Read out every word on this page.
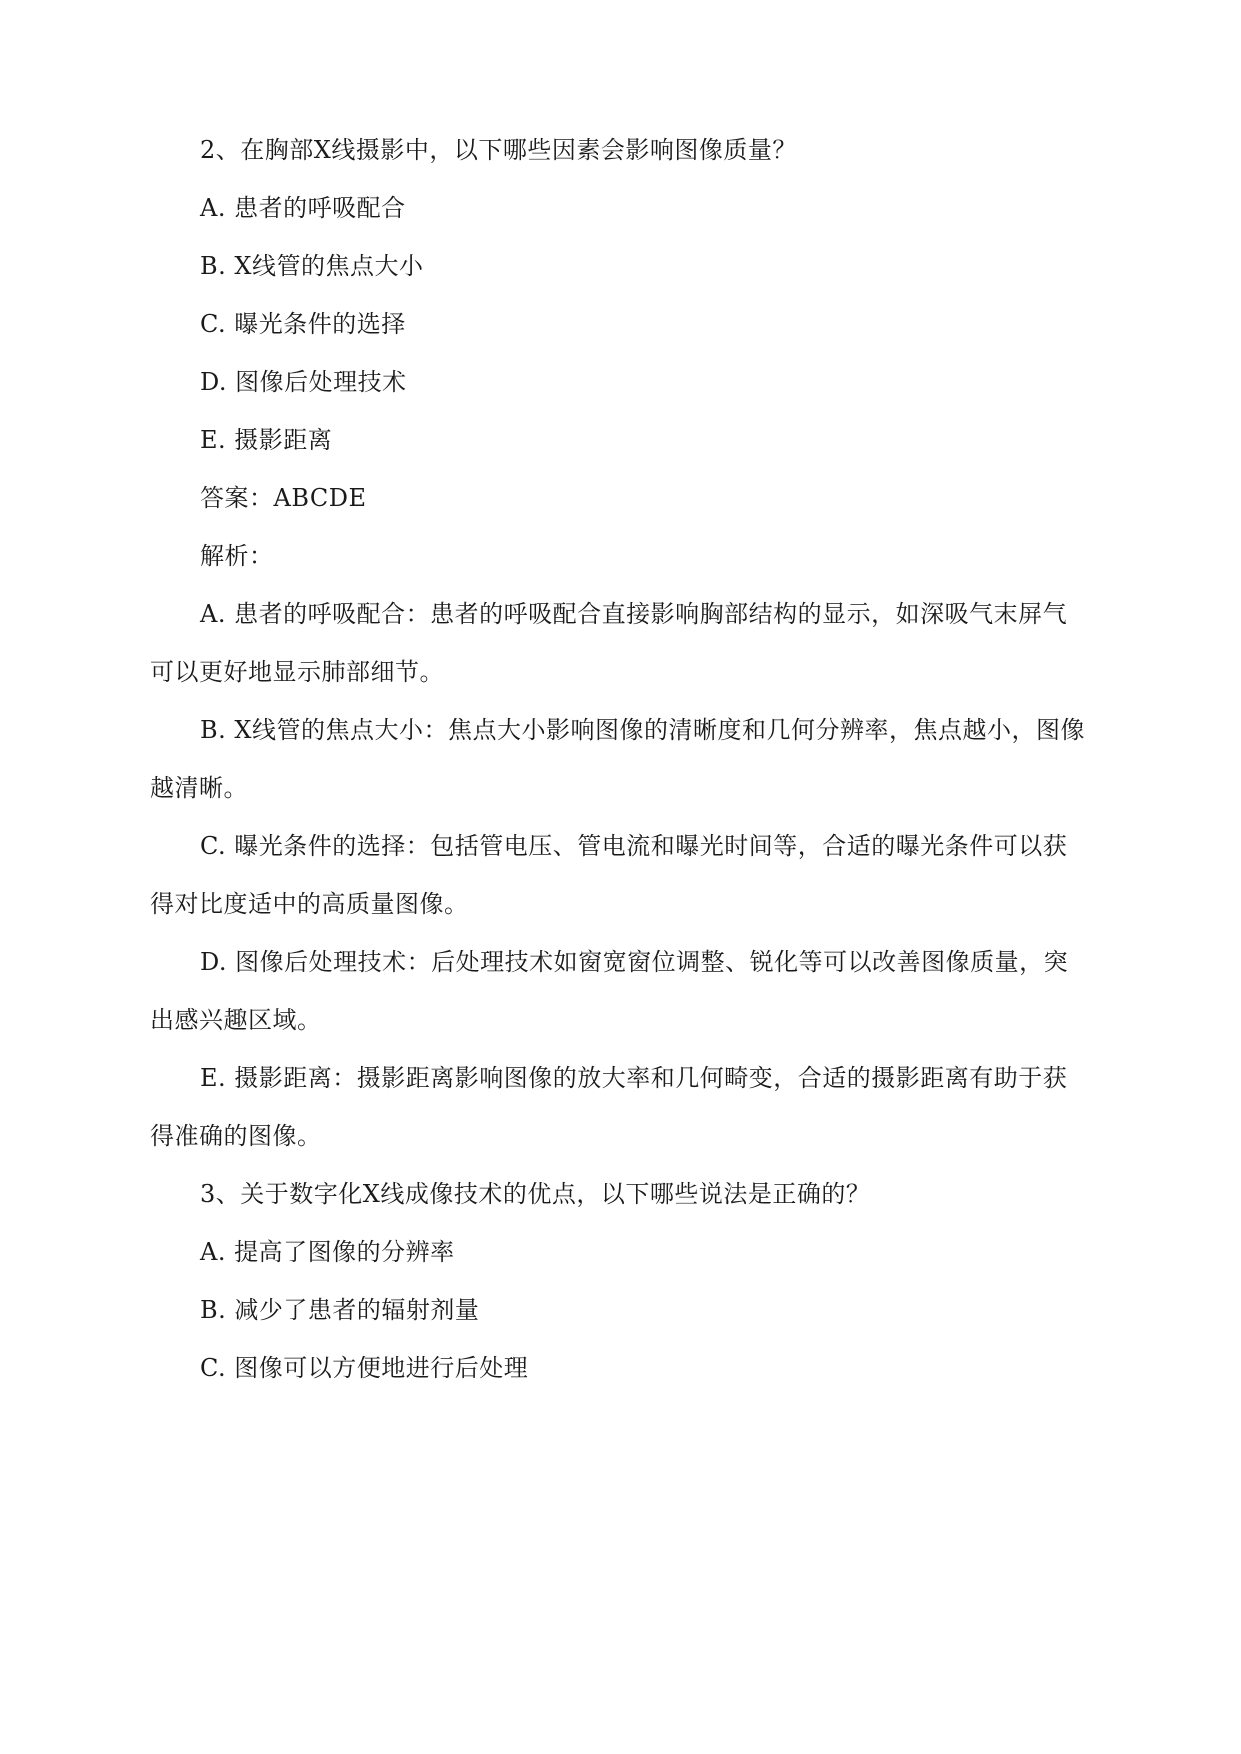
2、在胸部X线摄影中，以下哪些因素会影响图像质量？
A. 患者的呼吸配合
B. X线管的焦点大小
C. 曝光条件的选择
D. 图像后处理技术
E. 摄影距离
答案：ABCDE
解析：
A. 患者的呼吸配合：患者的呼吸配合直接影响胸部结构的显示，如深吸气末屏气
可以更好地显示肺部细节。
B. X线管的焦点大小：焦点大小影响图像的清晰度和几何分辨率，焦点越小，图像
越清晰。
C. 曝光条件的选择：包括管电压、管电流和曝光时间等，合适的曝光条件可以获
得对比度适中的高质量图像。
D. 图像后处理技术：后处理技术如窗宽窗位调整、锐化等可以改善图像质量，突
出感兴趣区域。
E. 摄影距离：摄影距离影响图像的放大率和几何畸变，合适的摄影距离有助于获
得准确的图像。
3、关于数字化X线成像技术的优点，以下哪些说法是正确的？
A. 提高了图像的分辨率
B. 减少了患者的辐射剂量
C. 图像可以方便地进行后处理
